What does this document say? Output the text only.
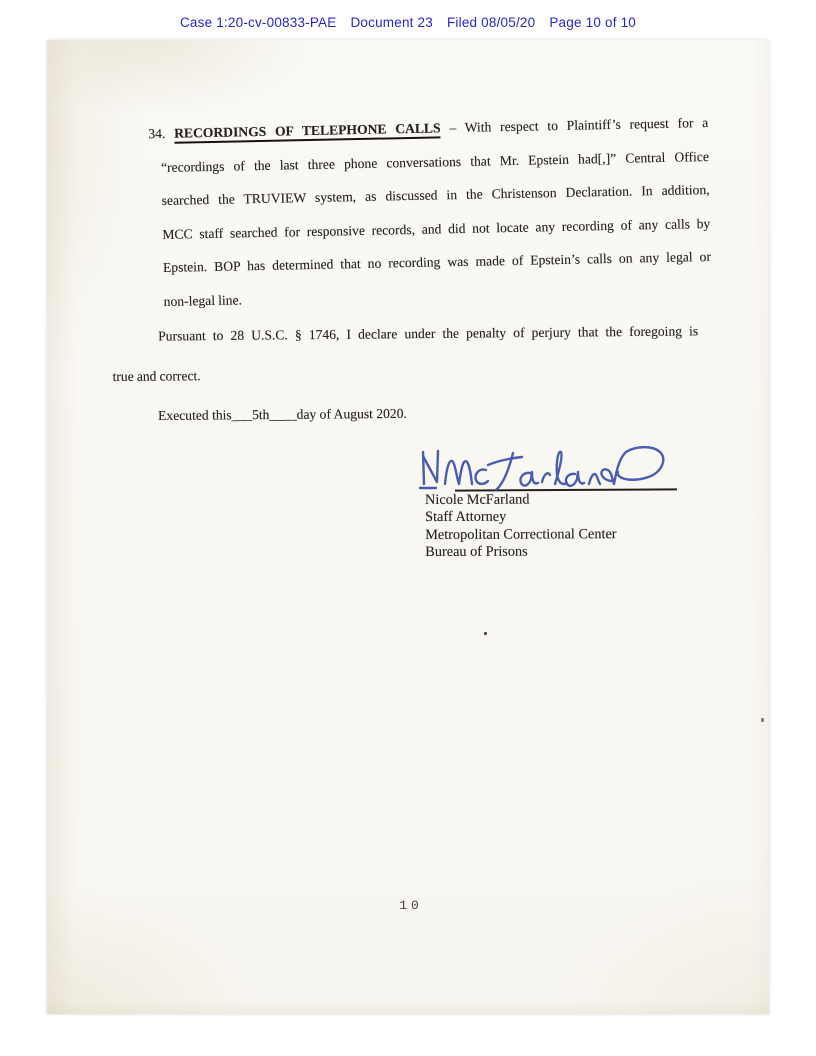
Case 1:20-cv-00833-PAE Document 23 Filed 08/05/20 Page 10 of 10
34. RECORDINGS OF TELEPHONE CALLS – With respect to Plaintiff’s request for a
“recordings of the last three phone conversations that Mr. Epstein had[,]” Central Office
searched the TRUVIEW system, as discussed in the Christenson Declaration. In addition,
MCC staff searched for responsive records, and did not locate any recording of any calls by
Epstein. BOP has determined that no recording was made of Epstein’s calls on any legal or
non-legal line.
Pursuant to 28 U.S.C. § 1746, I declare under the penalty of perjury that the foregoing is
true and correct.
Executed this___5th____day of August 2020.
Nicole McFarland
Staff Attorney
Metropolitan Correctional Center
Bureau of Prisons
10
